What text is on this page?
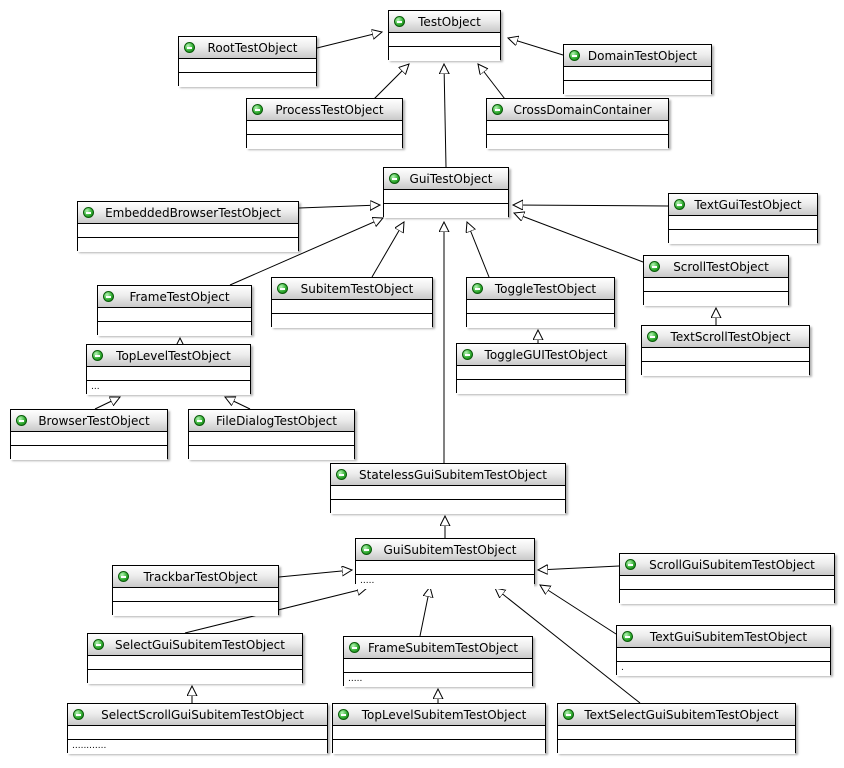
TestObject
RootTestObject
DomainTestObject
ProcessTestObject	CrossDomainContainer
GuiTestObject
EmbeddedBrowserTestObject
TextGuiTestObject
ScrollTestObject
FrameTestObject
SubitemTestObject	ToggleTestObject
TextScrollTestObject
TopLevelTestObject
...
ToggleGUITestObject
BrowserTestObject	FileDialogTestObject
StatelessGuiSubitemTestObject
GuiSubitemTestObject
.....
TrackbarTestObject
ScrollGuiSubitemTestObject
SelectGuiSubitemTestObject	FrameSubitemTestObject
.....
TextGuiSubitemTestObject
.
SelectScrollGuiSubitemTestObject
............
TopLevelSubitemTestObject	TextSelectGuiSubitemTestObject
